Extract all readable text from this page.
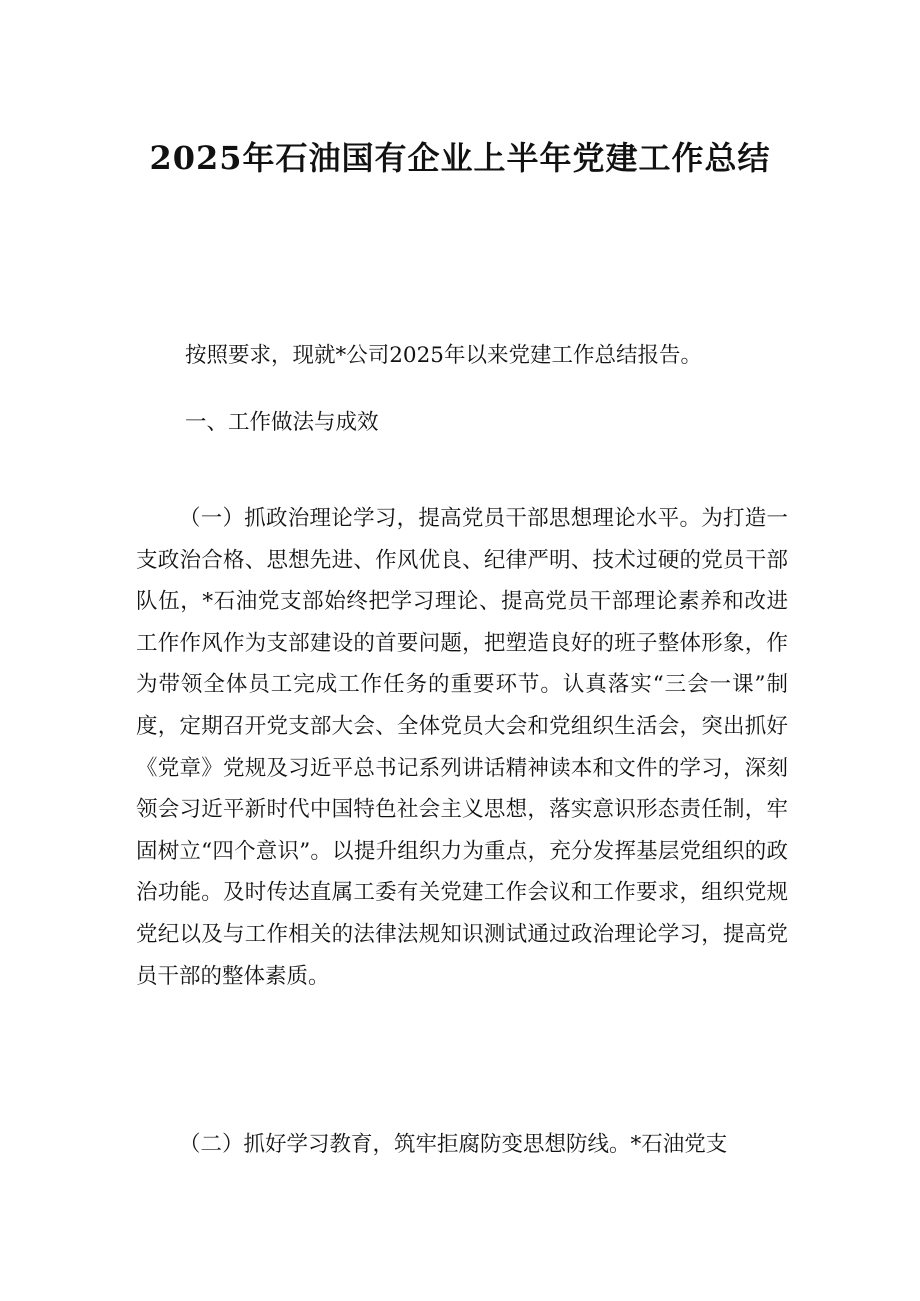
2025年石油国有企业上半年党建工作总结
按照要求，现就*公司2025年以来党建工作总结报告。
一、工作做法与成效

（一）抓政治理论学习，提高党员干部思想理论水平。为打造一支政治合格、思想先进、作风优良、纪律严明、技术过硬的党员干部队伍，*石油党支部始终把学习理论、提高党员干部理论素养和改进工作作风作为支部建设的首要问题，把塑造良好的班子整体形象，作为带领全体员工完成工作任务的重要环节。认真落实“三会一课”制度，定期召开党支部大会、全体党员大会和党组织生活会，突出抓好《党章》党规及习近平总书记系列讲话精神读本和文件的学习，深刻领会习近平新时代中国特色社会主义思想，落实意识形态责任制，牢固树立“四个意识”。以提升组织力为重点，充分发挥基层党组织的政治功能。及时传达直属工委有关党建工作会议和工作要求，组织党规党纪以及与工作相关的法律法规知识测试通过政治理论学习，提高党员干部的整体素质。

（二）抓好学习教育，筑牢拒腐防变思想防线。*石油党支
